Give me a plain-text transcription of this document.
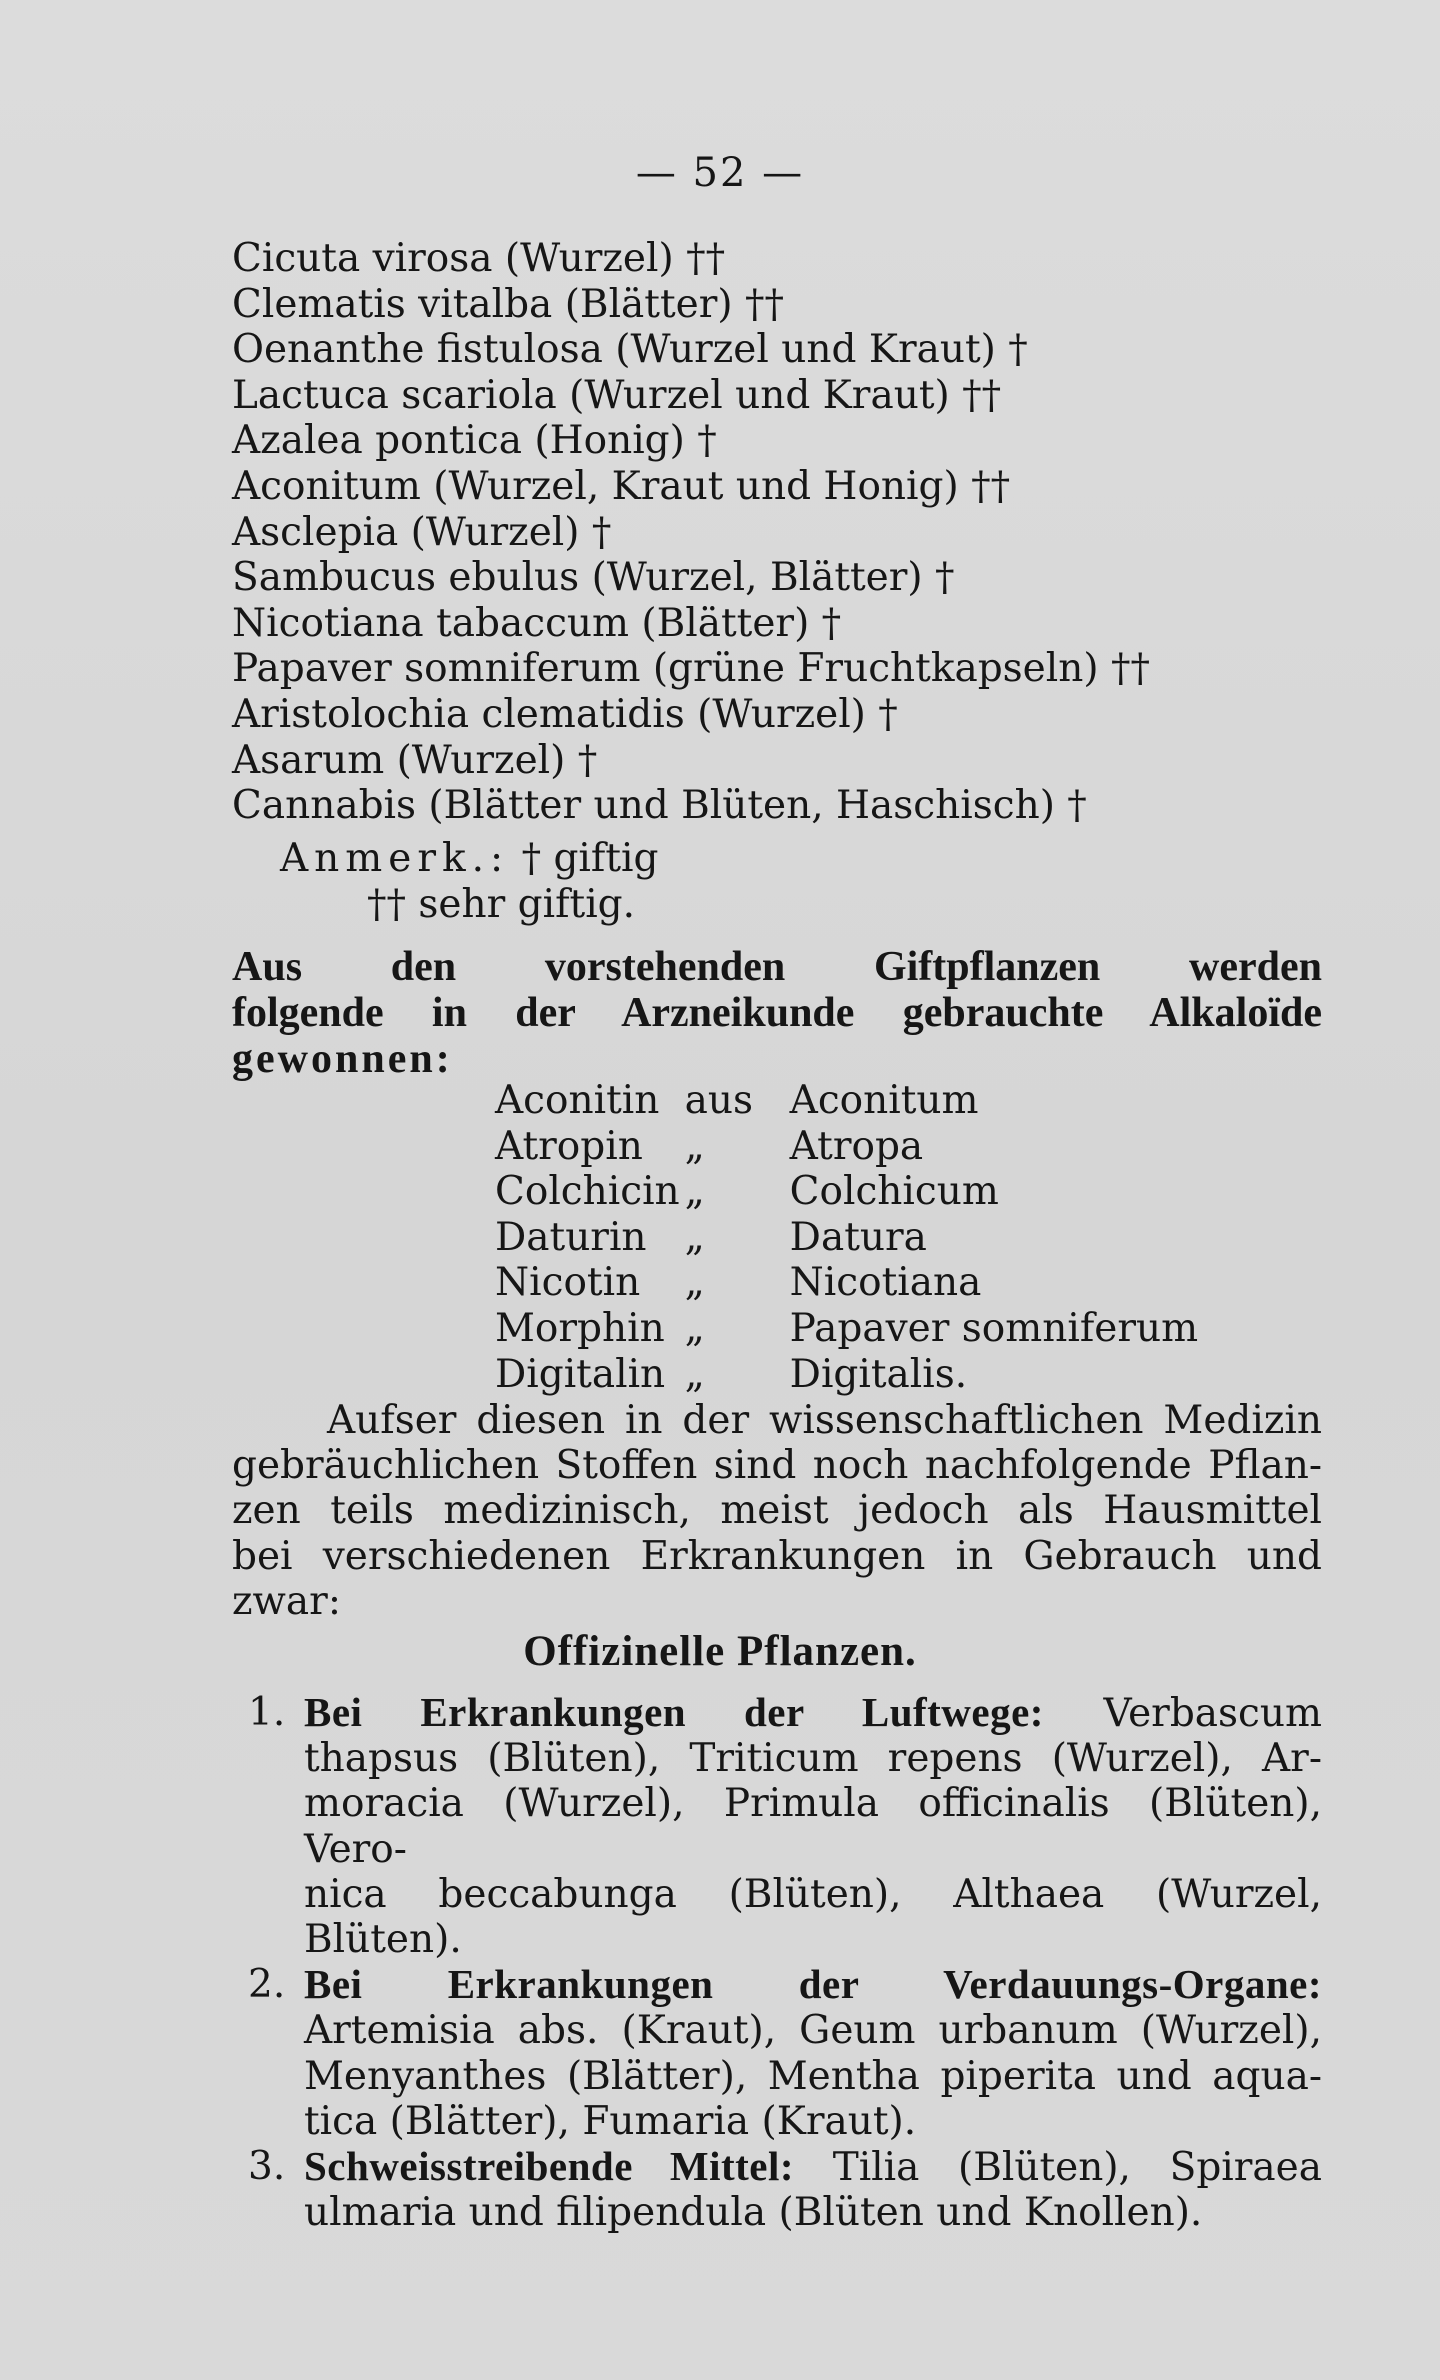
— 52 —
Cicuta virosa (Wurzel) ††
Clematis vitalba (Blätter) ††
Oenanthe fistulosa (Wurzel und Kraut) †
Lactuca scariola (Wurzel und Kraut) ††
Azalea pontica (Honig) †
Aconitum (Wurzel, Kraut und Honig) ††
Asclepia (Wurzel) †
Sambucus ebulus (Wurzel, Blätter) †
Nicotiana tabaccum (Blätter) †
Papaver somniferum (grüne Fruchtkapseln) ††
Aristolochia clematidis (Wurzel) †
Asarum (Wurzel) †
Cannabis (Blätter und Blüten, Haschisch) †
Anmerk.: † giftig
†† sehr giftig.
Aus den vorstehenden Giftpflanzen werden
folgende in der Arzneikunde gebrauchte Alkaloïde
gewonnen:
Aconitin	aus	Aconitum
Atropin	„	Atropa
Colchicin	„	Colchicum
Daturin	„	Datura
Nicotin	„	Nicotiana
Morphin	„	Papaver somniferum
Digitalin	„	Digitalis.
Aufser diesen in der wissenschaftlichen Medizin
gebräuchlichen Stoffen sind noch nachfolgende Pflan-
zen teils medizinisch, meist jedoch als Hausmittel
bei verschiedenen Erkrankungen in Gebrauch und
zwar:
Offizinelle Pflanzen.
1. Bei Erkrankungen der Luftwege: Verbascum
thapsus (Blüten), Triticum repens (Wurzel), Ar-
moracia (Wurzel), Primula officinalis (Blüten), Vero-
nica beccabunga (Blüten), Althaea (Wurzel, Blüten).
2. Bei Erkrankungen der Verdauungs-Organe:
Artemisia abs. (Kraut), Geum urbanum (Wurzel),
Menyanthes (Blätter), Mentha piperita und aqua-
tica (Blätter), Fumaria (Kraut).
3. Schweisstreibende Mittel: Tilia (Blüten), Spiraea
ulmaria und filipendula (Blüten und Knollen).
